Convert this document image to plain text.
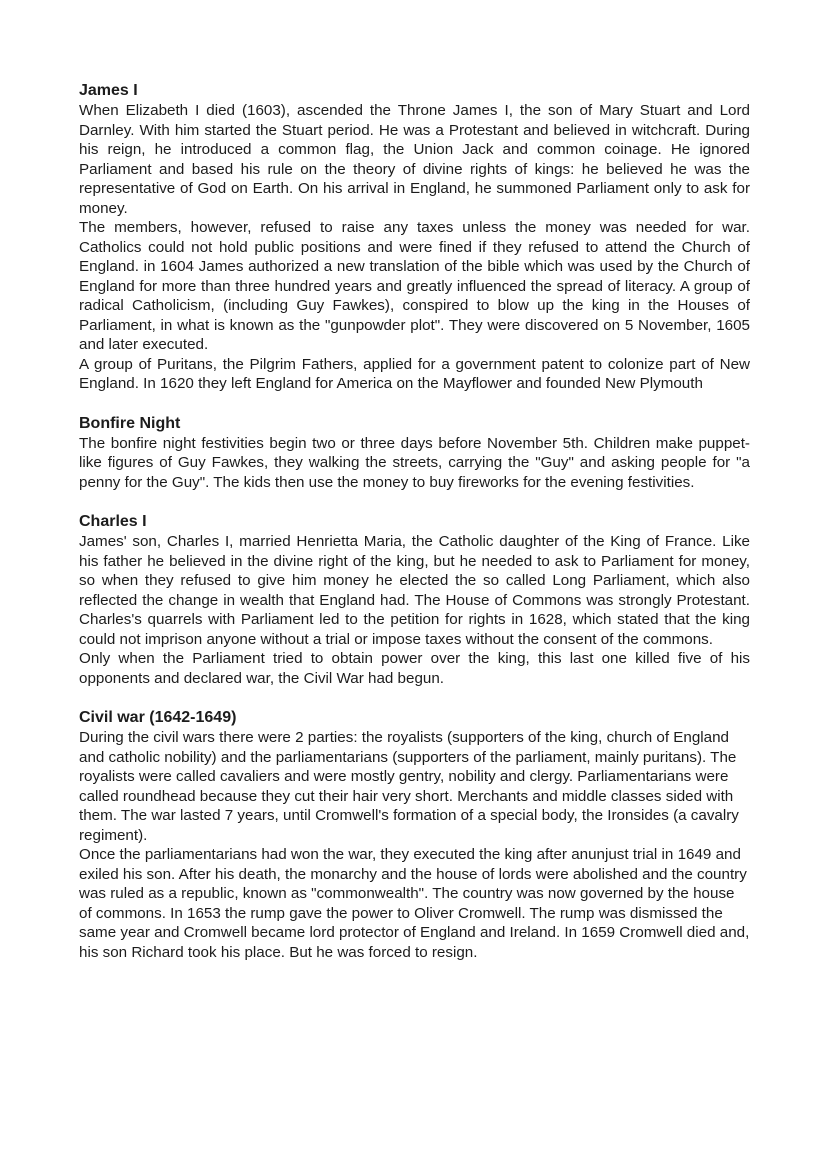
James I

When Elizabeth I died (1603), ascended the Throne James I, the son of Mary Stuart and Lord Darnley. With him started the Stuart period. He was a Protestant and believed in witchcraft. During his reign, he introduced a common flag, the Union Jack and common coinage. He ignored Parliament and based his rule on the theory of divine rights of kings: he believed he was the representative of God on Earth. On his arrival in England, he summoned Parliament only to ask for money.

The members, however, refused to raise any taxes unless the money was needed for war. Catholics could not hold public positions and were fined if they refused to attend the Church of England. in 1604 James authorized a new translation of the bible which was used by the Church of England for more than three hundred years and greatly influenced the spread of literacy. A group of radical Catholicism, (including Guy Fawkes), conspired to blow up the king in the Houses of Parliament, in what is known as the "gunpowder plot". They were discovered on 5 November, 1605 and later executed.

A group of Puritans, the Pilgrim Fathers, applied for a government patent to colonize part of New England. In 1620 they left England for America on the Mayflower and founded New Plymouth

Bonfire Night

The bonfire night festivities begin two or three days before November 5th. Children make puppet-like figures of Guy Fawkes, they walking the streets, carrying the "Guy" and asking people for "a penny for the Guy". The kids then use the money to buy fireworks for the evening festivities.

Charles I

James' son, Charles I, married Henrietta Maria, the Catholic daughter of the King of France. Like his father he believed in the divine right of the king, but he needed to ask to Parliament for money, so when they refused to give him money he elected the so called Long Parliament, which also reflected the change in wealth that England had. The House of Commons was strongly Protestant. Charles's quarrels with Parliament led to the petition for rights in 1628, which stated that the king could not imprison anyone without a trial or impose taxes without the consent of the commons.

Only when the Parliament tried to obtain power over the king, this last one killed five of his opponents and declared war, the Civil War had begun.

Civil war (1642-1649)

During the civil wars there were 2 parties: the royalists (supporters of the king, church of England and catholic nobility) and the parliamentarians (supporters of the parliament, mainly puritans). The royalists were called cavaliers and were mostly gentry, nobility and clergy. Parliamentarians were called roundhead because they cut their hair very short. Merchants and middle classes sided with them. The war lasted 7 years, until Cromwell's formation of a special body, the Ironsides (a cavalry regiment).

Once the parliamentarians had won the war, they executed the king after anunjust trial in 1649 and exiled his son. After his death, the monarchy and the house of lords were abolished and the country was ruled as a republic, known as "commonwealth". The country was now governed by the house of commons. In 1653 the rump gave the power to Oliver Cromwell. The rump was dismissed the same year and Cromwell became lord protector of England and Ireland. In 1659 Cromwell died and, his son Richard took his place. But he was forced to resign.
